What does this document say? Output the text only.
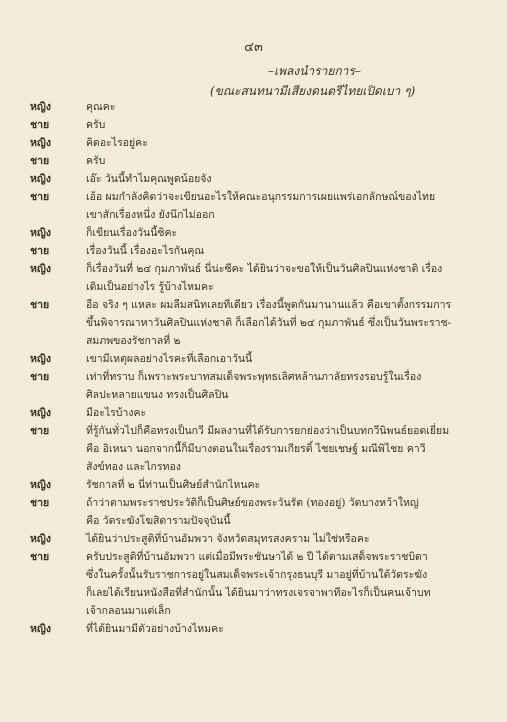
๔๓
–เพลงนำรายการ–
(ขณะสนทนามีเสียงดนตรีไทยเปิดเบา ๆ)
หญิง	คุณคะ
ชาย	ครับ
หญิง	คิดอะไรอยู่คะ
ชาย	ครับ
หญิง	เอ๊ะ วันนี้ทำไมคุณพูดน้อยจัง
ชาย	เอ้อ ผมกำลังคิดว่าจะเขียนอะไรให้คณะอนุกรรมการเผยแพร่เอกลักษณ์ของไทย
เขาสักเรื่องหนึ่ง ยังนึกไม่ออก
หญิง	ก็เขียนเรื่องวันนี้ซิคะ
ชาย	เรื่องวันนี้ เรื่องอะไรกันคุณ
หญิง	ก็เรื่องวันที่ ๒๔ กุมภาพันธ์ นี่น่ะซีคะ ได้ยินว่าจะขอให้เป็นวันศิลปินแห่งชาติ เรื่อง
เดิมเป็นอย่างไร รู้บ้างไหมคะ
ชาย	อือ จริง ๆ แหละ ผมลืมสนิทเลยทีเดียว เรื่องนี้พูดกันมานานแล้ว คือเขาตั้งกรรมการ
ขึ้นพิจารณาหาวันศิลปินแห่งชาติ ก็เลือกได้วันที่ ๒๔ กุมภาพันธ์ ซึ่งเป็นวันพระราช-
สมภพของรัชกาลที่ ๒
หญิง	เขามีเหตุผลอย่างไรคะที่เลือกเอาวันนี้
ชาย	เท่าที่ทราบ ก็เพราะพระบาทสมเด็จพระพุทธเลิศหล้านภาลัยทรงรอบรู้ในเรื่อง
ศิลปะหลายแขนง ทรงเป็นศิลปิน
หญิง	มีอะไรบ้างคะ
ชาย	ที่รู้กันทั่วไปก็คือทรงเป็นกวี มีผลงานที่ได้รับการยกย่องว่าเป็นบทกวีนิพนธ์ยอดเยี่ยม
คือ อิเหนา นอกจากนี้ก็มีบางตอนในเรื่องรามเกียรติ์ ไชยเชษฐ์ มณีพิไชย คาวี
สังข์ทอง และไกรทอง
หญิง	รัชกาลที่ ๒ นี่ท่านเป็นศิษย์สำนักไหนคะ
ชาย	ถ้าว่าตามพระราชประวัติก็เป็นศิษย์ของพระวันรัต (ทองอยู่) วัดบางหว้าใหญ่
คือ วัดระฆังโฆสิตารามปัจจุบันนี้
หญิง	ได้ยินว่าประสูติที่บ้านอัมพวา จังหวัดสมุทรสงคราม ไม่ใช่หรือคะ
ชาย	ครับประสูติที่บ้านอัมพวา แต่เมื่อมีพระชันษาได้ ๒ ปี ได้ตามเสด็จพระราชบิดา
ซึ่งในครั้งนั้นรับราชการอยู่ในสมเด็จพระเจ้ากรุงธนบุรี มาอยู่ที่บ้านใต้วัดระฆัง
ก็เลยได้เรียนหนังสือที่สำนักนั้น ได้ยินมาว่าทรงเจรจาพาทีอะไรก็เป็นคนเจ้าบท
เจ้ากลอนมาแต่เล็ก
หญิง	ที่ได้ยินมามีตัวอย่างบ้างไหมคะ
